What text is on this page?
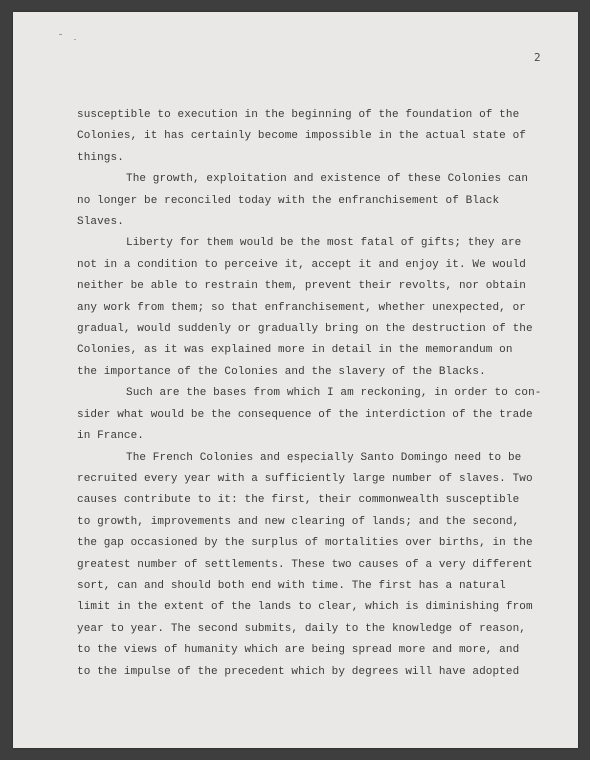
2

susceptible to execution in the beginning of the foundation of the
Colonies, it has certainly become impossible in the actual state of
things.

The growth, exploitation and existence of these Colonies can
no longer be reconciled today with the enfranchisement of Black
Slaves.

Liberty for them would be the most fatal of gifts; they are
not in a condition to perceive it, accept it and enjoy it. We would
neither be able to restrain them, prevent their revolts, nor obtain
any work from them; so that enfranchisement, whether unexpected, or
gradual, would suddenly or gradually bring on the destruction of the
Colonies, as it was explained more in detail in the memorandum on
the importance of the Colonies and the slavery of the Blacks.

Such are the bases from which I am reckoning, in order to con-
sider what would be the consequence of the interdiction of the trade
in France.

The French Colonies and especially Santo Domingo need to be
recruited every year with a sufficiently large number of slaves. Two
causes contribute to it: the first, their commonwealth susceptible
to growth, improvements and new clearing of lands; and the second,
the gap occasioned by the surplus of mortalities over births, in the
greatest number of settlements. These two causes of a very different
sort, can and should both end with time. The first has a natural
limit in the extent of the lands to clear, which is diminishing from
year to year. The second submits, daily to the knowledge of reason,
to the views of humanity which are being spread more and more, and
to the impulse of the precedent which by degrees will have adopted
